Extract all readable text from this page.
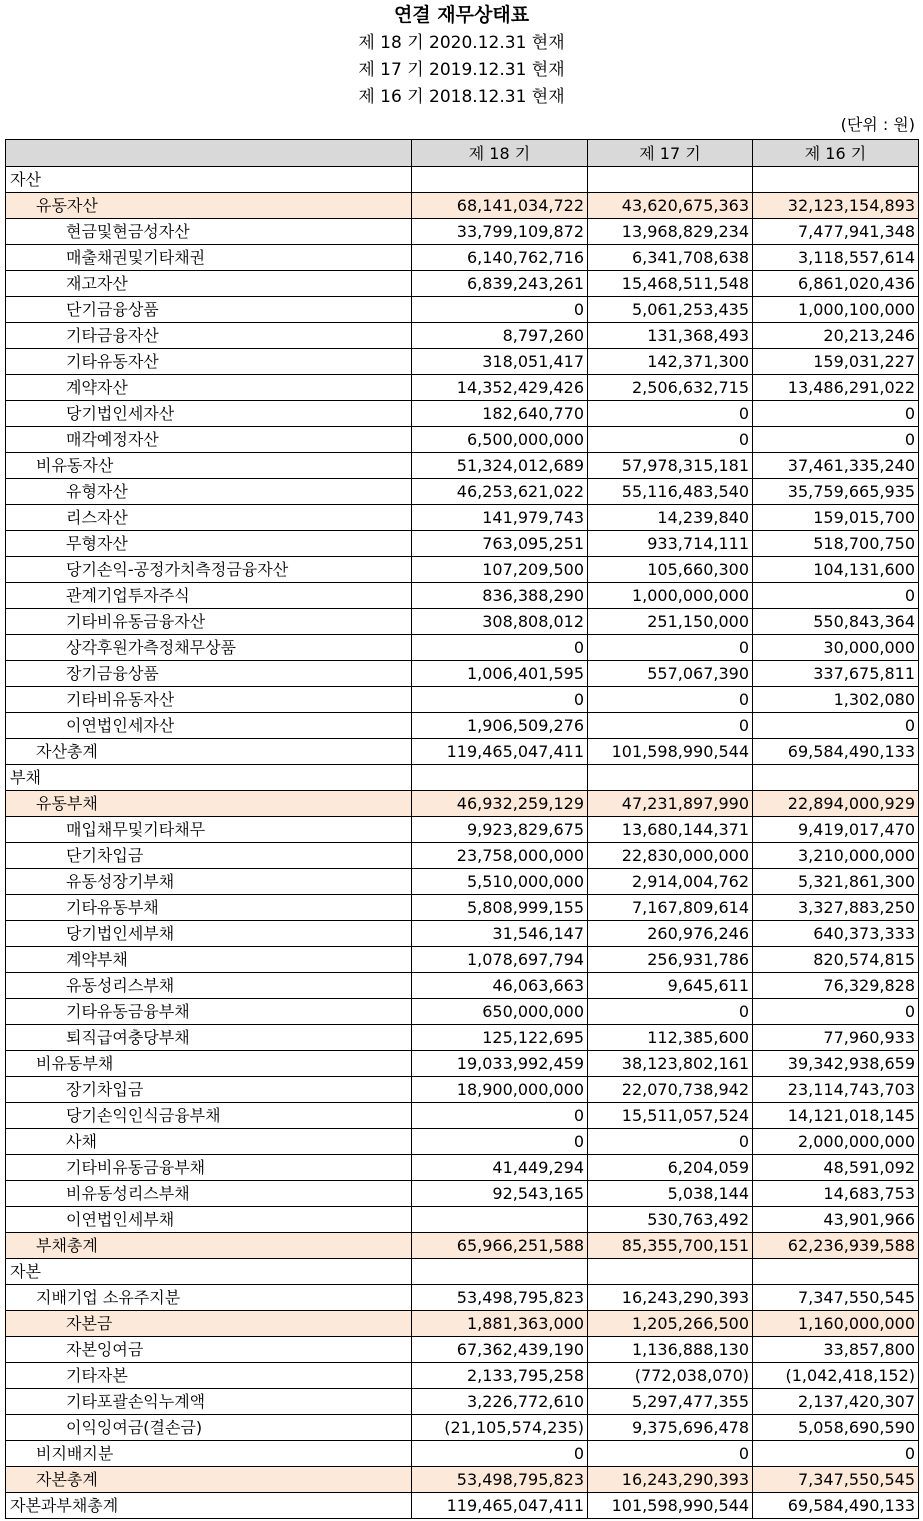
연결 재무상태표
제 18 기 2020.12.31 현재
제 17 기 2019.12.31 현재
제 16 기 2018.12.31 현재
(단위 : 원)
	제 18 기	제 17 기	제 16 기
자산			
유동자산	68,141,034,722	43,620,675,363	32,123,154,893
현금및현금성자산	33,799,109,872	13,968,829,234	7,477,941,348
매출채권및기타채권	6,140,762,716	6,341,708,638	3,118,557,614
재고자산	6,839,243,261	15,468,511,548	6,861,020,436
단기금융상품	0	5,061,253,435	1,000,100,000
기타금융자산	8,797,260	131,368,493	20,213,246
기타유동자산	318,051,417	142,371,300	159,031,227
계약자산	14,352,429,426	2,506,632,715	13,486,291,022
당기법인세자산	182,640,770	0	0
매각예정자산	6,500,000,000	0	0
비유동자산	51,324,012,689	57,978,315,181	37,461,335,240
유형자산	46,253,621,022	55,116,483,540	35,759,665,935
리스자산	141,979,743	14,239,840	159,015,700
무형자산	763,095,251	933,714,111	518,700,750
당기손익-공정가치측정금융자산	107,209,500	105,660,300	104,131,600
관계기업투자주식	836,388,290	1,000,000,000	0
기타비유동금융자산	308,808,012	251,150,000	550,843,364
상각후원가측정채무상품	0	0	30,000,000
장기금융상품	1,006,401,595	557,067,390	337,675,811
기타비유동자산	0	0	1,302,080
이연법인세자산	1,906,509,276	0	0
자산총계	119,465,047,411	101,598,990,544	69,584,490,133
부채			
유동부채	46,932,259,129	47,231,897,990	22,894,000,929
매입채무및기타채무	9,923,829,675	13,680,144,371	9,419,017,470
단기차입금	23,758,000,000	22,830,000,000	3,210,000,000
유동성장기부채	5,510,000,000	2,914,004,762	5,321,861,300
기타유동부채	5,808,999,155	7,167,809,614	3,327,883,250
당기법인세부채	31,546,147	260,976,246	640,373,333
계약부채	1,078,697,794	256,931,786	820,574,815
유동성리스부채	46,063,663	9,645,611	76,329,828
기타유동금융부채	650,000,000	0	0
퇴직급여충당부채	125,122,695	112,385,600	77,960,933
비유동부채	19,033,992,459	38,123,802,161	39,342,938,659
장기차입금	18,900,000,000	22,070,738,942	23,114,743,703
당기손익인식금융부채	0	15,511,057,524	14,121,018,145
사채	0	0	2,000,000,000
기타비유동금융부채	41,449,294	6,204,059	48,591,092
비유동성리스부채	92,543,165	5,038,144	14,683,753
이연법인세부채		530,763,492	43,901,966
부채총계	65,966,251,588	85,355,700,151	62,236,939,588
자본			
지배기업 소유주지분	53,498,795,823	16,243,290,393	7,347,550,545
자본금	1,881,363,000	1,205,266,500	1,160,000,000
자본잉여금	67,362,439,190	1,136,888,130	33,857,800
기타자본	2,133,795,258	(772,038,070)	(1,042,418,152)
기타포괄손익누계액	3,226,772,610	5,297,477,355	2,137,420,307
이익잉여금(결손금)	(21,105,574,235)	9,375,696,478	5,058,690,590
비지배지분	0	0	0
자본총계	53,498,795,823	16,243,290,393	7,347,550,545
자본과부채총계	119,465,047,411	101,598,990,544	69,584,490,133
